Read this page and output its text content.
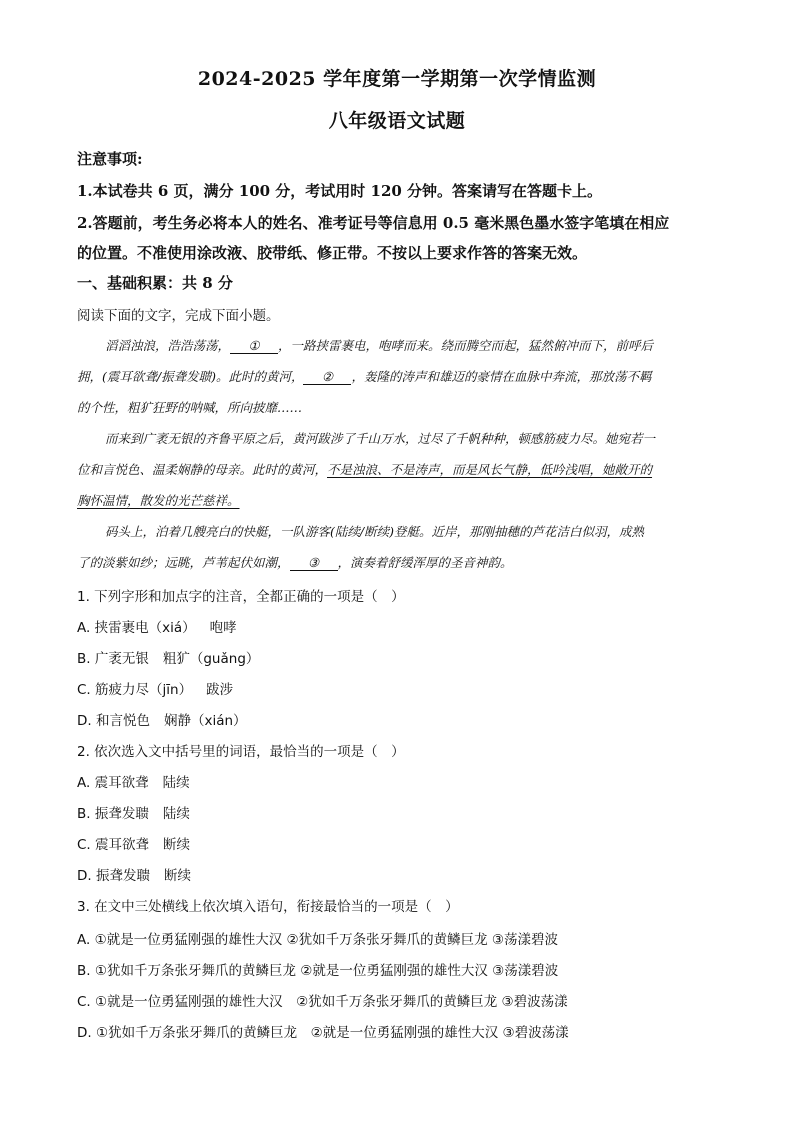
2024-2025 学年度第一学期第一次学情监测
八年级语文试题
注意事项:
1.本试卷共 6 页，满分 100 分，考试用时 120 分钟。答案请写在答题卡上。
2.答题前，考生务必将本人的姓名、准考证号等信息用 0.5 毫米黑色墨水签字笔填在相应
的位置。不准使用涂改液、胶带纸、修正带。不按以上要求作答的答案无效。
一、基础积累：共 8 分
阅读下面的文字，完成下面小题。
滔滔浊浪，浩浩荡荡， ① ，一路挟雷裹电，咆哮而来。绕而腾空而起，猛然俯冲而下，前呼后
拥，(震耳欲聋/振聋发聩)。此时的黄河， ② ，轰隆的涛声和雄迈的豪情在血脉中奔流，那放荡不羁
的个性，粗犷狂野的呐喊，所向披靡……
而来到广袤无银的齐鲁平原之后，黄河跋涉了千山万水，过尽了千帆种种，顿感筋疲力尽。她宛若一
位和言悦色、温柔娴静的母亲。此时的黄河，不是浊浪、不是涛声，而是风长气静，低吟浅唱，她敞开的
胸怀温情，散发的光芒慈祥。
码头上，泊着几艘亮白的快艇，一队游客(陆续/断续)登艇。近岸，那刚抽穗的芦花洁白似羽，成熟
了的淡紫如纱；远眺，芦苇起伏如潮， ③ ，演奏着舒缓浑厚的圣音神韵。
1. 下列字形和加点字的注音，全都正确的一项是（　）
A. 挟雷裹电（xiá） 咆哮
B. 广袤无银 粗犷（guǎng）
C. 筋疲力尽（jīn） 跋涉
D. 和言悦色 娴静（xián）
2. 依次选入文中括号里的词语，最恰当的一项是（　）
A. 震耳欲聋 陆续
B. 振聋发聩 陆续
C. 震耳欲聋 断续
D. 振聋发聩 断续
3. 在文中三处横线上依次填入语句，衔接最恰当的一项是（　）
A. ①就是一位勇猛刚强的雄性大汉 ②犹如千万条张牙舞爪的黄鳞巨龙 ③荡漾碧波
B. ①犹如千万条张牙舞爪的黄鳞巨龙 ②就是一位勇猛刚强的雄性大汉 ③荡漾碧波
C. ①就是一位勇猛刚强的雄性大汉　②犹如千万条张牙舞爪的黄鳞巨龙 ③碧波荡漾
D. ①犹如千万条张牙舞爪的黄鳞巨龙　②就是一位勇猛刚强的雄性大汉 ③碧波荡漾
